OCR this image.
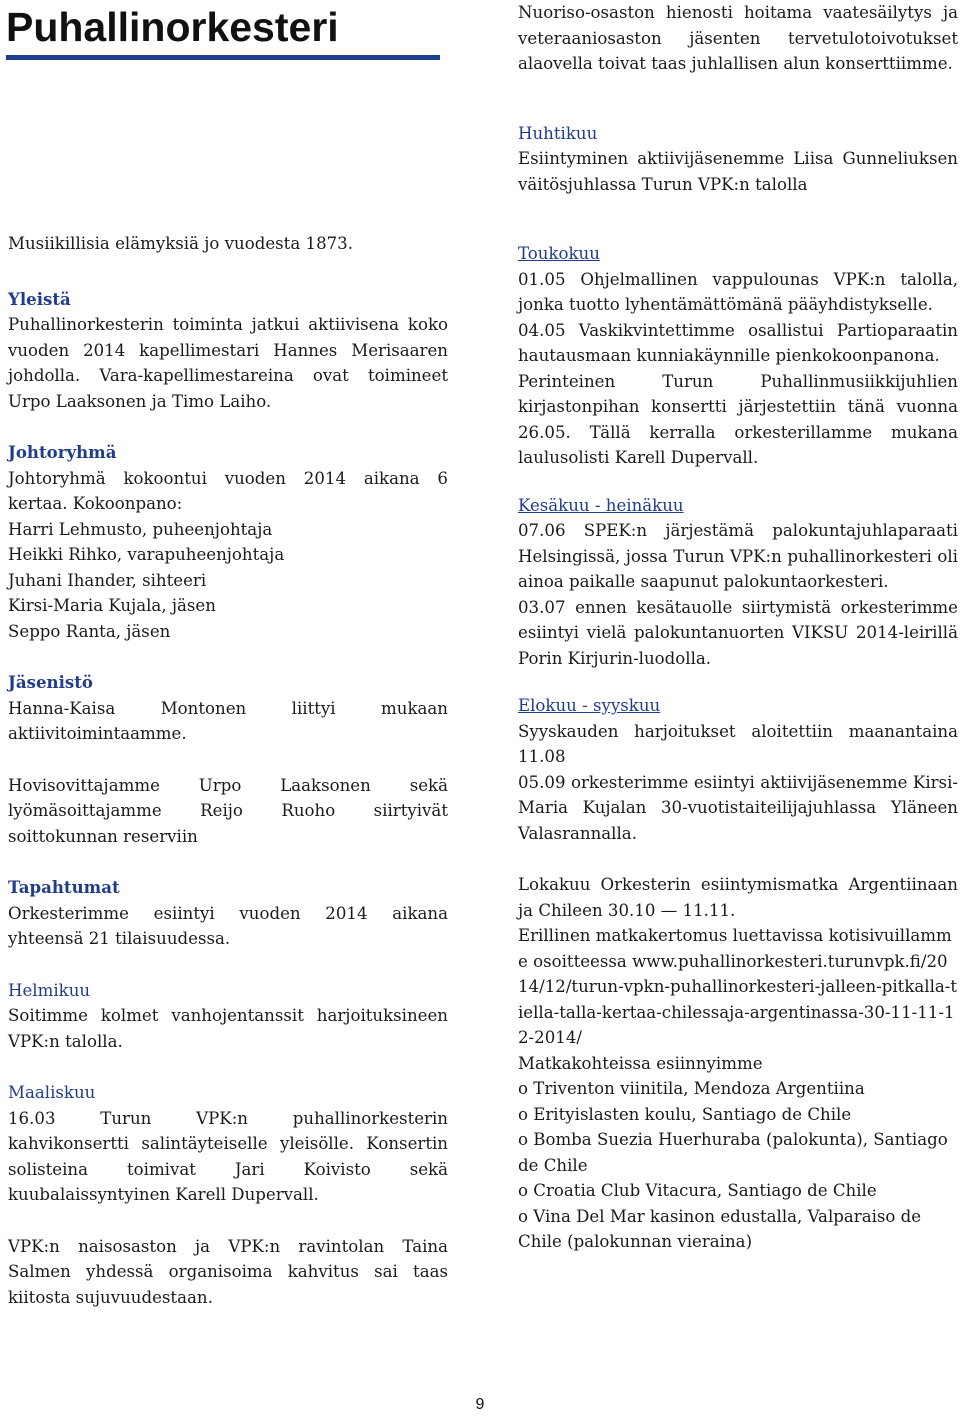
Puhallinorkesteri

Musiikillisia elämyksiä jo vuodesta 1873.

Yleistä

Puhallinorkesterin toiminta jatkui aktiivisena koko vuoden 2014 kapellimestari Hannes Merisaaren johdolla. Vara-kapellimestareina ovat toimineet Urpo Laaksonen ja Timo Laiho.

Johtoryhmä

Johtoryhmä kokoontui vuoden 2014 aikana 6 kertaa. Kokoonpano:

Harri Lehmusto, puheenjohtaja

Heikki Rihko, varapuheenjohtaja

Juhani Ihander, sihteeri

Kirsi-Maria Kujala, jäsen

Seppo Ranta, jäsen

Jäsenistö

Hanna-Kaisa Montonen liittyi mukaan aktiivitoimintaamme.

Hovisovittajamme Urpo Laaksonen sekä lyömäsoittajamme Reijo Ruoho siirtyivät soittokunnan reserviin

Tapahtumat

Orkesterimme esiintyi vuoden 2014 aikana yhteensä 21 tilaisuudessa.

Helmikuu

Soitimme kolmet vanhojentanssit harjoituksineen VPK:n talolla.

Maaliskuu

16.03 Turun VPK:n puhallinorkesterin kahvikonsertti salintäyteiselle yleisölle. Konsertin solisteina toimivat Jari Koivisto sekä kuubalaissyntyinen Karell Dupervall.

VPK:n naisosaston ja VPK:n ravintolan Taina Salmen yhdessä organisoima kahvitus sai taas kiitosta sujuvuudestaan.

Nuoriso-osaston hienosti hoitama vaatesäilytys ja veteraaniosaston jäsenten tervetulotoivotukset alaovella toivat taas juhlallisen alun konserttiimme.

Huhtikuu

Esiintyminen aktiivijäsenemme Liisa Gunneliuksen väitösjuhlassa Turun VPK:n talolla

Toukokuu

01.05 Ohjelmallinen vappulounas VPK:n talolla, jonka tuotto lyhentämättömänä pääyhdistykselle.

04.05 Vaskikvintettimme osallistui Partioparaatin hautausmaan kunniakäynnille pienkokoonpanona.

Perinteinen Turun Puhallinmusiikkijuhlien kirjastonpihan konsertti järjestettiin tänä vuonna 26.05. Tällä kerralla orkesterillamme mukana laulusolisti Karell Dupervall.

Kesäkuu - heinäkuu

07.06 SPEK:n järjestämä palokuntajuhlaparaati Helsingissä, jossa Turun VPK:n puhallinorkesteri oli ainoa paikalle saapunut palokuntaorkesteri.

03.07 ennen kesätauolle siirtymistä orkesterimme esiintyi vielä palokuntanuorten VIKSU 2014-leirillä Porin Kirjurin-luodolla.

Elokuu - syyskuu

Syyskauden harjoitukset aloitettiin maanantaina 11.08

05.09 orkesterimme esiintyi aktiivijäsenemme Kirsi-Maria Kujalan 30-vuotistaiteilijajuhlassa Yläneen Valasrannalla.

Lokakuu Orkesterin esiintymismatka Argentiinaan ja Chileen 30.10 — 11.11.

Erillinen matkakertomus luettavissa kotisivuillamme osoitteessa www.puhallinorkesteri.turunvpk.fi/2014/12/turun-vpkn-puhallinorkesteri-jalleen-pitkalla-tiella-talla-kertaa-chilessaja-argentinassa-30-11-11-12-2014/

Matkakohteissa esiinnyimme

o Triventon viinitila, Mendoza Argentiina

o Erityislasten koulu, Santiago de Chile

o Bomba Suezia Huerhuraba (palokunta), Santiago de Chile

o Croatia Club Vitacura, Santiago de Chile

o Vina Del Mar kasinon edustalla, Valparaiso de Chile (palokunnan vieraina)

9
